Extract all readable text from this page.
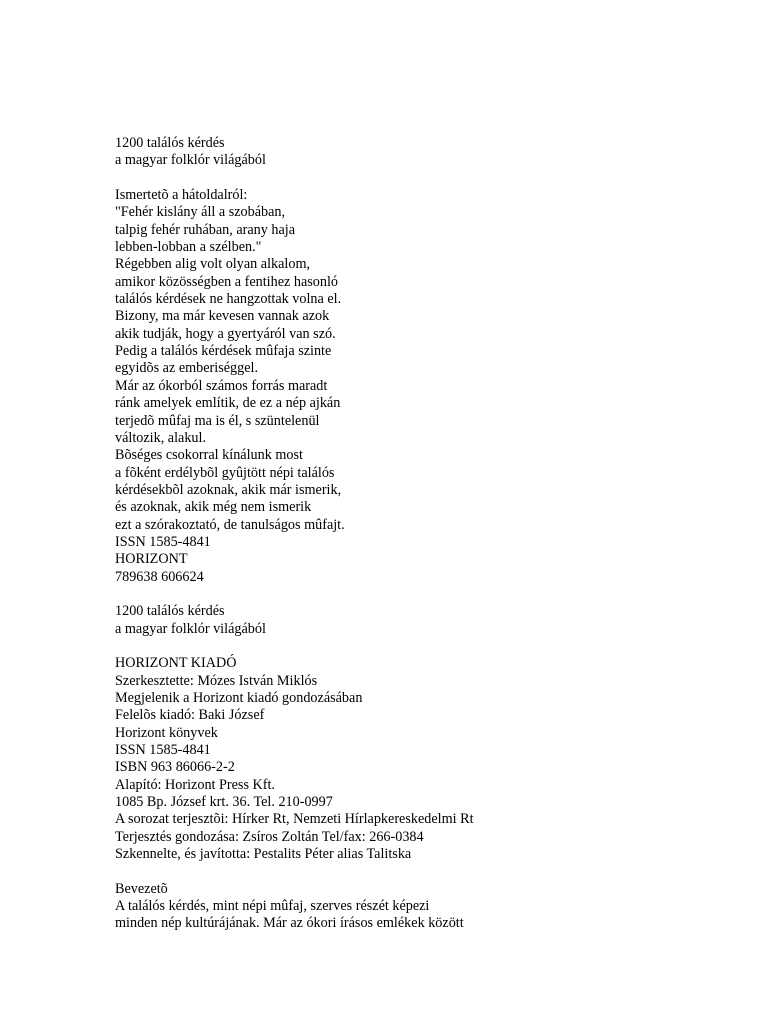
1200 találós kérdés
a magyar folklór világából
Ismertetõ a hátoldalról:
"Fehér kislány áll a szobában,
talpig fehér ruhában, arany haja
lebben-lobban a szélben."
Régebben alig volt olyan alkalom,
amikor közösségben a fentihez hasonló
találós kérdések ne hangzottak volna el.
Bizony, ma már kevesen vannak azok
akik tudják, hogy a gyertyáról van szó.
Pedig a találós kérdések mûfaja szinte
egyidõs az emberiséggel.
Már az ókorból számos forrás maradt
ránk amelyek említik, de ez a nép ajkán
terjedõ mûfaj ma is él, s szüntelenül
változik, alakul.
Bõséges csokorral kínálunk most
a fõként erdélybõl gyûjtött népi találós
kérdésekbõl azoknak, akik már ismerik,
és azoknak, akik még nem ismerik
ezt a szórakoztató, de tanulságos mûfajt.
ISSN 1585-4841
HORIZONT
789638 606624
1200 találós kérdés
a magyar folklór világából
HORIZONT KIADÓ
Szerkesztette: Mózes István Miklós
Megjelenik a Horizont kiadó gondozásában
Felelõs kiadó: Baki József
Horizont könyvek
ISSN 1585-4841
ISBN 963 86066-2-2
Alapító: Horizont Press Kft.
1085 Bp. József krt. 36. Tel. 210-0997
A sorozat terjesztõi: Hírker Rt, Nemzeti Hírlapkereskedelmi Rt
Terjesztés gondozása: Zsíros Zoltán Tel/fax: 266-0384
Szkennelte, és javította: Pestalits Péter alias Talitska
Bevezetõ
A találós kérdés, mint népi mûfaj, szerves részét képezi
minden nép kultúrájának. Már az ókori írásos emlékek között
